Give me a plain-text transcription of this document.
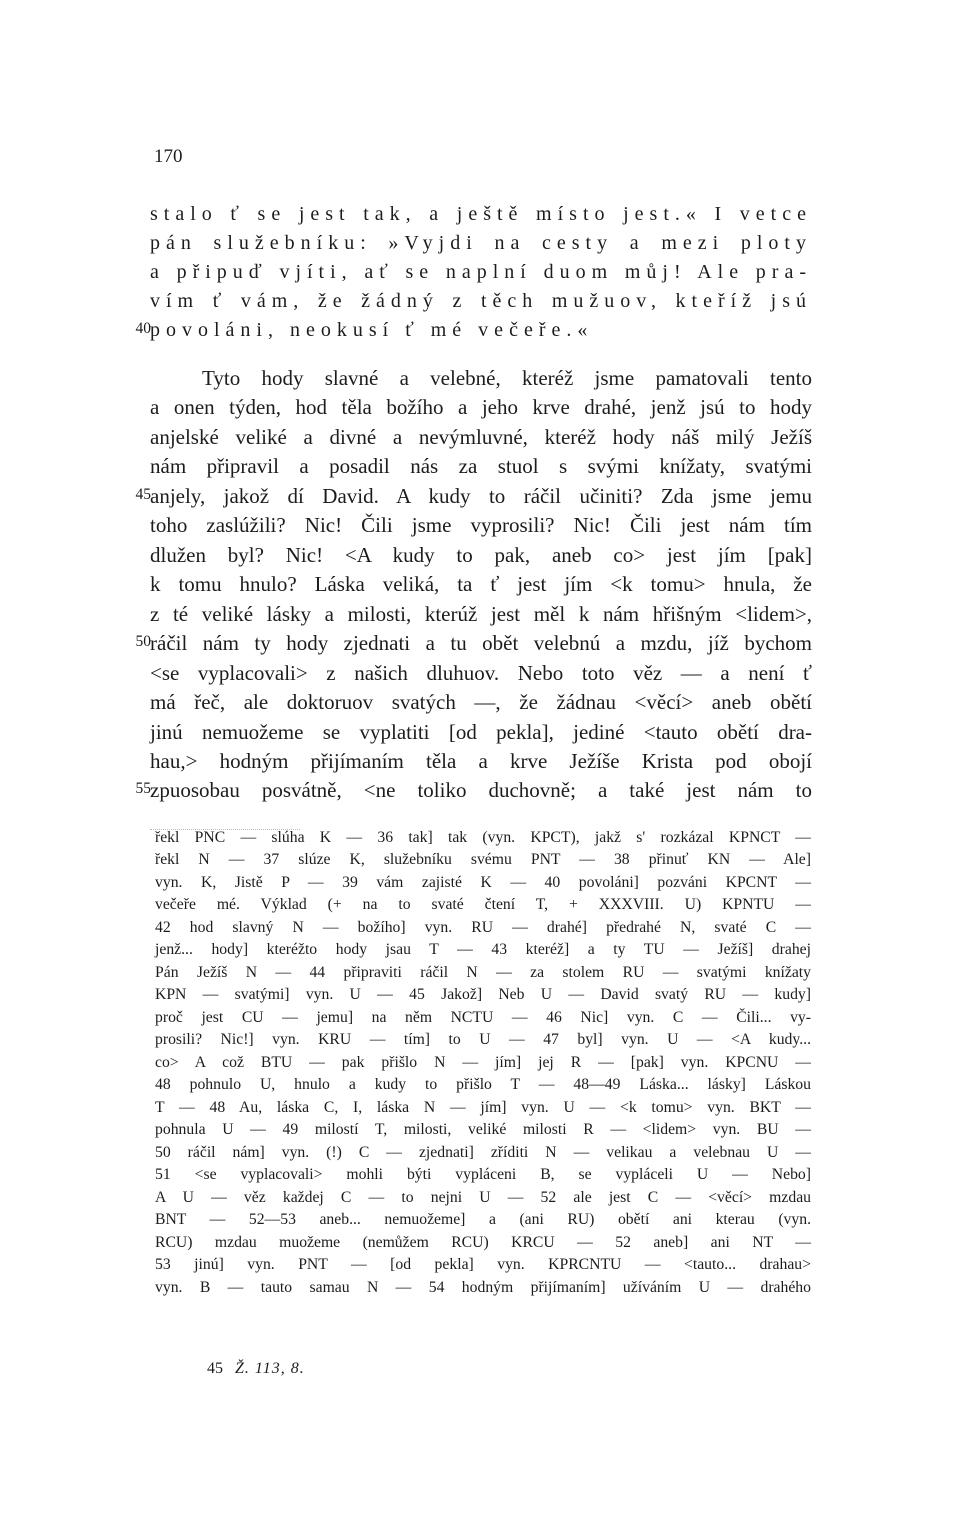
170
stalo ť se jest tak, a ještě místo jest.« I vetce
pán služebníku: »Vyjdi na cesty a mezi ploty
a připuď vjíti, ať se naplní duom můj! Ale pra-
vím ť vám, že žádný z těch mužuov, kteříž jsú
povoláni, neokusí ť mé večeře.«
Tyto hody slavné a velebné, kteréž jsme pamatovali tento
a onen týden, hod těla božího a jeho krve drahé, jenž jsú to hody
anjelské veliké a divné a nevýmluvné, kteréž hody náš milý Ježíš
nám připravil a posadil nás za stuol s svými knížaty, svatými
anjely, jakož dí David. A kudy to ráčil učiniti? Zda jsme jemu
toho zaslúžili? Nic! Čili jsme vyprosili? Nic! Čili jest nám tím
dlužen byl? Nic! <A kudy to pak, aneb co> jest jím [pak]
k tomu hnulo? Láska veliká, ta ť jest jím <k tomu> hnula, že
z té veliké lásky a milosti, kterúž jest měl k nám hřišným <lidem>,
ráčil nám ty hody zjednati a tu obět velebnú a mzdu, jíž bychom
<se vyplacovali> z našich dluhuov. Nebo toto věz — a není ť
má řeč, ale doktoruov svatých —, že žádnau <věcí> aneb obětí
jinú nemuožeme se vyplatiti [od pekla], jediné <tauto obětí dra-
hau,> hodným přijímaním těla a krve Ježíše Krista pod obojí
zpuosobau posvátně, <ne toliko duchovně; a také jest nám to
40
45
50
55
řekl PNC — slúha K — 36 tak] tak (vyn. KPCT), jakž s' rozkázal KPNCT —
řekl N — 37 slúze K, služebníku svému PNT — 38 přinuť KN — Ale]
vyn. K, Jistě P — 39 vám zajisté K — 40 povoláni] pozváni KPCNT —
večeře mé. Výklad (+ na to svaté čtení T, + XXXVIII. U) KPNTU —
42 hod slavný N — božího] vyn. RU — drahé] předrahé N, svaté C —
jenž... hody] kteréžto hody jsau T — 43 kteréž] a ty TU — Ježíš] drahej
Pán Ježíš N — 44 připraviti ráčil N — za stolem RU — svatými knížaty
KPN — svatými] vyn. U — 45 Jakož] Neb U — David svatý RU — kudy]
proč jest CU — jemu] na něm NCTU — 46 Nic] vyn. C — Čili... vy-
prosili? Nic!] vyn. KRU — tím] to U — 47 byl] vyn. U — <A kudy...
co> A což BTU — pak přišlo N — jím] jej R — [pak] vyn. KPCNU —
48 pohnulo U, hnulo a kudy to přišlo T — 48—49 Láska... lásky] Láskou
T — 48 Au, láska C, I, láska N — jím] vyn. U — <k tomu> vyn. BKT —
pohnula U — 49 milostí T, milosti, veliké milosti R — <lidem> vyn. BU —
50 ráčil nám] vyn. (!) C — zjednati] zříditi N — velikau a velebnau U —
51 <se vyplacovali> mohli býti vypláceni B, se vypláceli U — Nebo]
A U — věz každej C — to nejni U — 52 ale jest C — <věcí> mzdau
BNT — 52—53 aneb... nemuožeme] a (ani RU) obětí ani kterau (vyn.
RCU) mzdau muožeme (nemůžem RCU) KRCU — 52 aneb] ani NT —
53 jinú] vyn. PNT — [od pekla] vyn. KPRCNTU — <tauto... drahau>
vyn. B — tauto samau N — 54 hodným přijímaním] užíváním U — drahého
45 Ž. 113, 8.
